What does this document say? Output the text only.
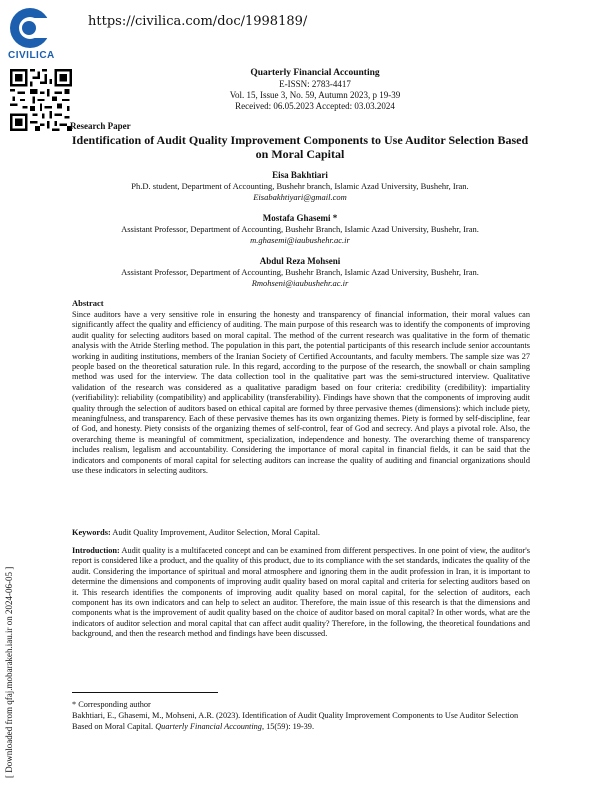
CIVILICA
https://civilica.com/doc/1998189/
Quarterly Financial Accounting
E-ISSN: 2783-4417
Vol. 15, Issue 3, No. 59, Autumn 2023, p 19-39
Received: 06.05.2023 Accepted: 03.03.2024
Research Paper
Identification of Audit Quality Improvement Components to Use Auditor Selection Based on Moral Capital
Eisa Bakhtiari
Ph.D. student, Department of Accounting, Bushehr branch, Islamic Azad University, Bushehr, Iran.
Eisabakhtiyari@gmail.com
Mostafa Ghasemi *
Assistant Professor, Department of Accounting, Bushehr Branch, Islamic Azad University, Bushehr, Iran.
m.ghasemi@iaubushehr.ac.ir
Abdul Reza Mohseni
Assistant Professor, Department of Accounting, Bushehr Branch, Islamic Azad University, Bushehr, Iran.
Rmohseni@iaubushehr.ac.ir
Abstract
Since auditors have a very sensitive role in ensuring the honesty and transparency of financial information, their moral values can significantly affect the quality and efficiency of auditing. The main purpose of this research was to identify the components of improving audit quality for selecting auditors based on moral capital. The method of the current research was qualitative in the form of thematic analysis with the Atride Sterling method. The population in this part, the potential participants of this research include senior accountants working in auditing institutions, members of the Iranian Society of Certified Accountants, and faculty members. The sample size was 27 people based on the theoretical saturation rule. In this regard, according to the purpose of the research, the snowball or chain sampling method was used for the interview. The data collection tool in the qualitative part was the semi-structured interview. Qualitative validation of the research was considered as a qualitative paradigm based on four criteria: credibility (credibility): impartiality (verifiability): reliability (compatibility) and applicability (transferability). Findings have shown that the components of improving audit quality through the selection of auditors based on ethical capital are formed by three pervasive themes (dimensions): which include piety, meaningfulness, and transparency. Each of these pervasive themes has its own organizing themes. Piety is formed by self-discipline, fear of God, and honesty. Piety consists of the organizing themes of self-control, fear of God and secrecy. And plays a pivotal role. Also, the overarching theme is meaningful of commitment, specialization, independence and honesty. The overarching theme of transparency includes realism, legalism and accountability. Considering the importance of moral capital in financial fields, it can be said that the indicators and components of moral capital for selecting auditors can increase the quality of auditing and financial organizations should use these indicators in selecting auditors.
Keywords: Audit Quality Improvement, Auditor Selection, Moral Capital.
Introduction: Audit quality is a multifaceted concept and can be examined from different perspectives. In one point of view, the auditor's report is considered like a product, and the quality of this product, due to its compliance with the set standards, indicates the quality of the audit. Considering the importance of spiritual and moral atmosphere and ignoring them in the audit profession in Iran, it is important to determine the dimensions and components of improving audit quality based on moral capital and criteria for selecting auditors based on it. This research identifies the components of improving audit quality based on moral capital, for the selection of auditors, each component has its own indicators and can help to select an auditor. Therefore, the main issue of this research is that the dimensions and components what is the improvement of audit quality based on the choice of auditor based on moral capital? In other words, what are the indicators of auditor selection and moral capital that can affect audit quality? Therefore, in the following, the theoretical foundations and background, and then the research method and findings have been discussed.
* Corresponding author
Bakhtiari, E., Ghasemi, M., Mohseni, A.R. (2023). Identification of Audit Quality Improvement Components to Use Auditor Selection Based on Moral Capital. Quarterly Financial Accounting, 15(59): 19-39.
[ Downloaded from qfaj.mobarakeh.iau.ir on 2024-06-05 ]
